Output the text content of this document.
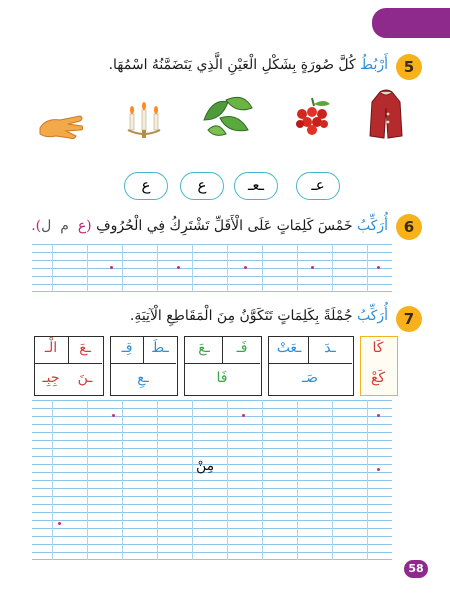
5
أَرْبُطُ كُلَّ صُورَةٍ بِشَكْلِ الْعَيْنِ الَّذِي يَتَضَمَّنُهُ اسْمُهَا.
ع	ع	ـعـ	عـ
6
أُرَكِّبُ خَمْسَ كَلِمَاتٍ عَلَى الْأَقَلِّ تَشْتَرِكُ فِي الْحُرُوفِ (ع  م  ل).
7
أُرَكِّبُ جُمْلَةً بِكَلِمَاتٍ تَتَكَوَّنُ مِنَ الْمَقَاطِعِ الْآتِيَةِ.
كَا
كَعْ
ـدَ
ـعَتْ
صَـ
فَـ
ـعَ
فَا
ـطَ
قِـ
ـعِ
ـعَ
الْـ
ـنَ
جِبِـ
مِنْ
58
